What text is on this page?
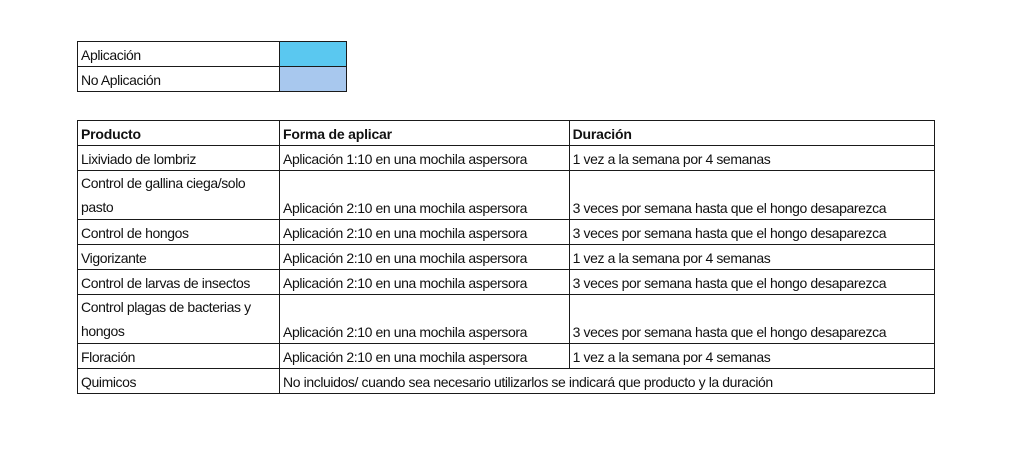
Aplicación	
No Aplicación	
Producto	Forma de aplicar	Duración
Lixiviado de lombriz	Aplicación 1:10 en una mochila aspersora	1 vez a la semana por 4 semanas
Control de gallina ciega/solo pasto	Aplicación 2:10 en una mochila aspersora	3 veces por semana hasta que el hongo desaparezca
Control de hongos	Aplicación 2:10 en una mochila aspersora	3 veces por semana hasta que el hongo desaparezca
Vigorizante	Aplicación 2:10 en una mochila aspersora	1 vez a la semana por 4 semanas
Control de larvas de insectos	Aplicación 2:10 en una mochila aspersora	3 veces por semana hasta que el hongo desaparezca
Control plagas de bacterias y hongos	Aplicación 2:10 en una mochila aspersora	3 veces por semana hasta que el hongo desaparezca
Floración	Aplicación 2:10 en una mochila aspersora	1 vez a la semana por 4 semanas
Quimicos	No incluidos/ cuando sea necesario utilizarlos se indicará que producto y la duración	
